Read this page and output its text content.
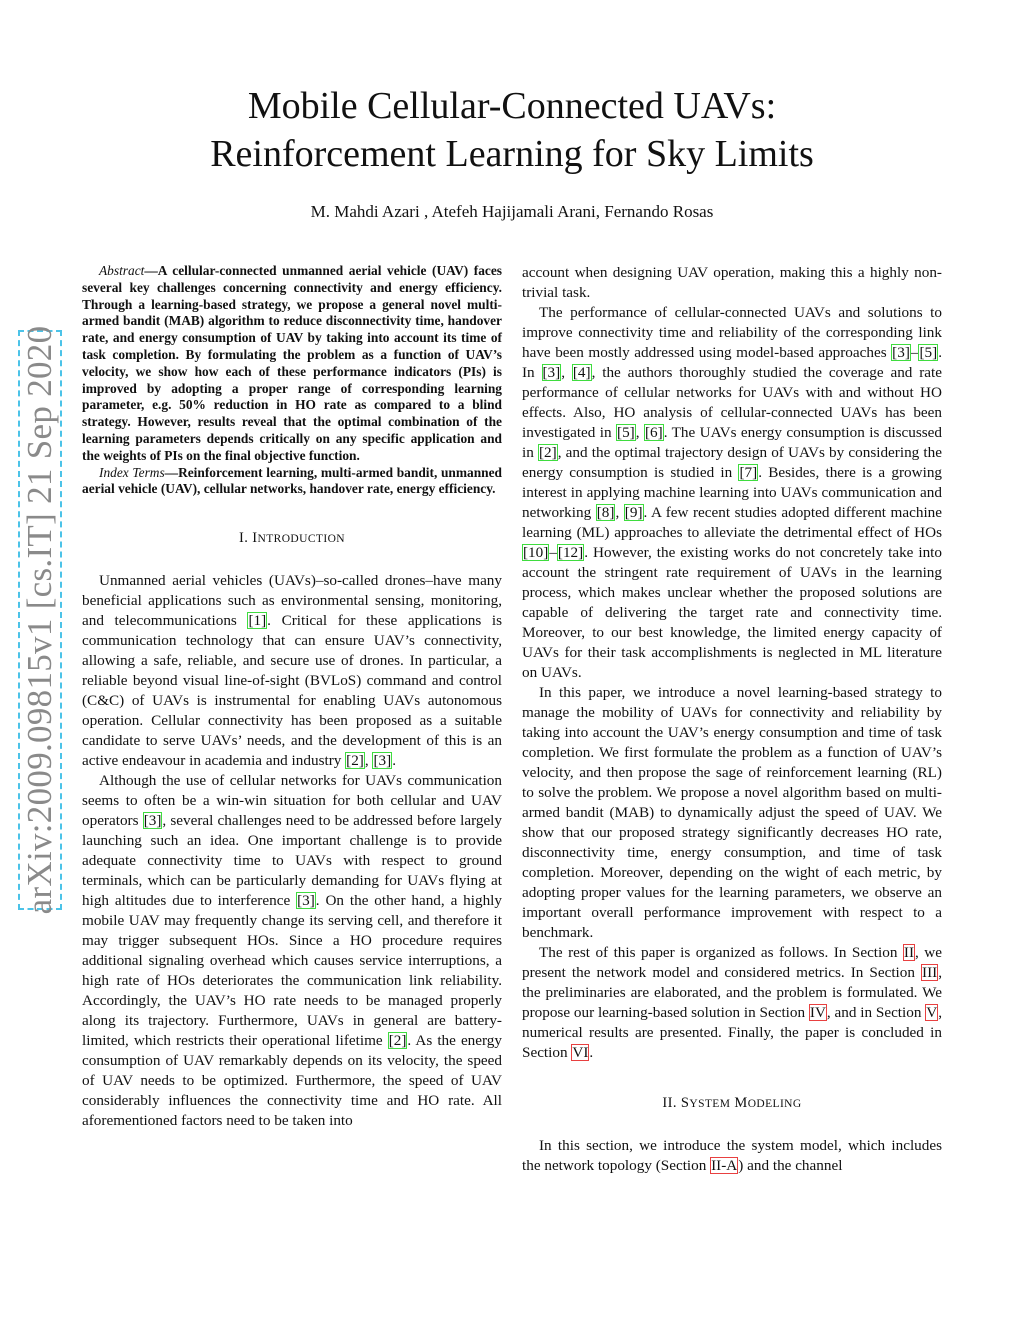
arXiv:2009.09815v1 [cs.IT] 21 Sep 2020
Mobile Cellular-Connected UAVs:
Reinforcement Learning for Sky Limits
M. Mahdi Azari , Atefeh Hajijamali Arani, Fernando Rosas

Abstract—A cellular-connected unmanned aerial vehicle (UAV) faces several key challenges concerning connectivity and energy efficiency. Through a learning-based strategy, we propose a general novel multi-armed bandit (MAB) algorithm to reduce disconnectivity time, handover rate, and energy consumption of UAV by taking into account its time of task completion. By formulating the problem as a function of UAV’s velocity, we show how each of these performance indicators (PIs) is improved by adopting a proper range of corresponding learning parameter, e.g. 50% reduction in HO rate as compared to a blind strategy. However, results reveal that the optimal combination of the learning parameters depends critically on any specific application and the weights of PIs on the final objective function.

Index Terms—Reinforcement learning, multi-armed bandit, unmanned aerial vehicle (UAV), cellular networks, handover rate, energy efficiency.

I. INTRODUCTION

Unmanned aerial vehicles (UAVs)–so-called drones–have many beneficial applications such as environmental sensing, monitoring, and telecommunications [1]. Critical for these applications is communication technology that can ensure UAV’s connectivity, allowing a safe, reliable, and secure use of drones. In particular, a reliable beyond visual line-of-sight (BVLoS) command and control (C&C) of UAVs is instrumental for enabling UAVs autonomous operation. Cellular connectivity has been proposed as a suitable candidate to serve UAVs’ needs, and the development of this is an active endeavour in academia and industry [2], [3].

Although the use of cellular networks for UAVs communication seems to often be a win-win situation for both cellular and UAV operators [3], several challenges need to be addressed before largely launching such an idea. One important challenge is to provide adequate connectivity time to UAVs with respect to ground terminals, which can be particularly demanding for UAVs flying at high altitudes due to interference [3]. On the other hand, a highly mobile UAV may frequently change its serving cell, and therefore it may trigger subsequent HOs. Since a HO procedure requires additional signaling overhead which causes service interruptions, a high rate of HOs deteriorates the communication link reliability. Accordingly, the UAV’s HO rate needs to be managed properly along its trajectory. Furthermore, UAVs in general are battery-limited, which restricts their operational lifetime [2]. As the energy consumption of UAV remarkably depends on its velocity, the speed of UAV needs to be optimized. Furthermore, the speed of UAV considerably influences the connectivity time and HO rate. All aforementioned factors need to be taken into

account when designing UAV operation, making this a highly non-trivial task.

The performance of cellular-connected UAVs and solutions to improve connectivity time and reliability of the corresponding link have been mostly addressed using model-based approaches [3]–[5]. In [3], [4], the authors thoroughly studied the coverage and rate performance of cellular networks for UAVs with and without HO effects. Also, HO analysis of cellular-connected UAVs has been investigated in [5], [6]. The UAVs energy consumption is discussed in [2], and the optimal trajectory design of UAVs by considering the energy consumption is studied in [7]. Besides, there is a growing interest in applying machine learning into UAVs communication and networking [8], [9]. A few recent studies adopted different machine learning (ML) approaches to alleviate the detrimental effect of HOs [10]–[12]. However, the existing works do not concretely take into account the stringent rate requirement of UAVs in the learning process, which makes unclear whether the proposed solutions are capable of delivering the target rate and connectivity time. Moreover, to our best knowledge, the limited energy capacity of UAVs for their task accomplishments is neglected in ML literature on UAVs.

In this paper, we introduce a novel learning-based strategy to manage the mobility of UAVs for connectivity and reliability by taking into account the UAV’s energy consumption and time of task completion. We first formulate the problem as a function of UAV’s velocity, and then propose the sage of reinforcement learning (RL) to solve the problem. We propose a novel algorithm based on multi-armed bandit (MAB) to dynamically adjust the speed of UAV. We show that our proposed strategy significantly decreases HO rate, disconnectivity time, energy consumption, and time of task completion. Moreover, depending on the wight of each metric, by adopting proper values for the learning parameters, we observe an important overall performance improvement with respect to a benchmark.

The rest of this paper is organized as follows. In Section II, we present the network model and considered metrics. In Section III, the preliminaries are elaborated, and the problem is formulated. We propose our learning-based solution in Section IV, and in Section V, numerical results are presented. Finally, the paper is concluded in Section VI.

II. SYSTEM MODELING

In this section, we introduce the system model, which includes the network topology (Section II-A) and the channel
